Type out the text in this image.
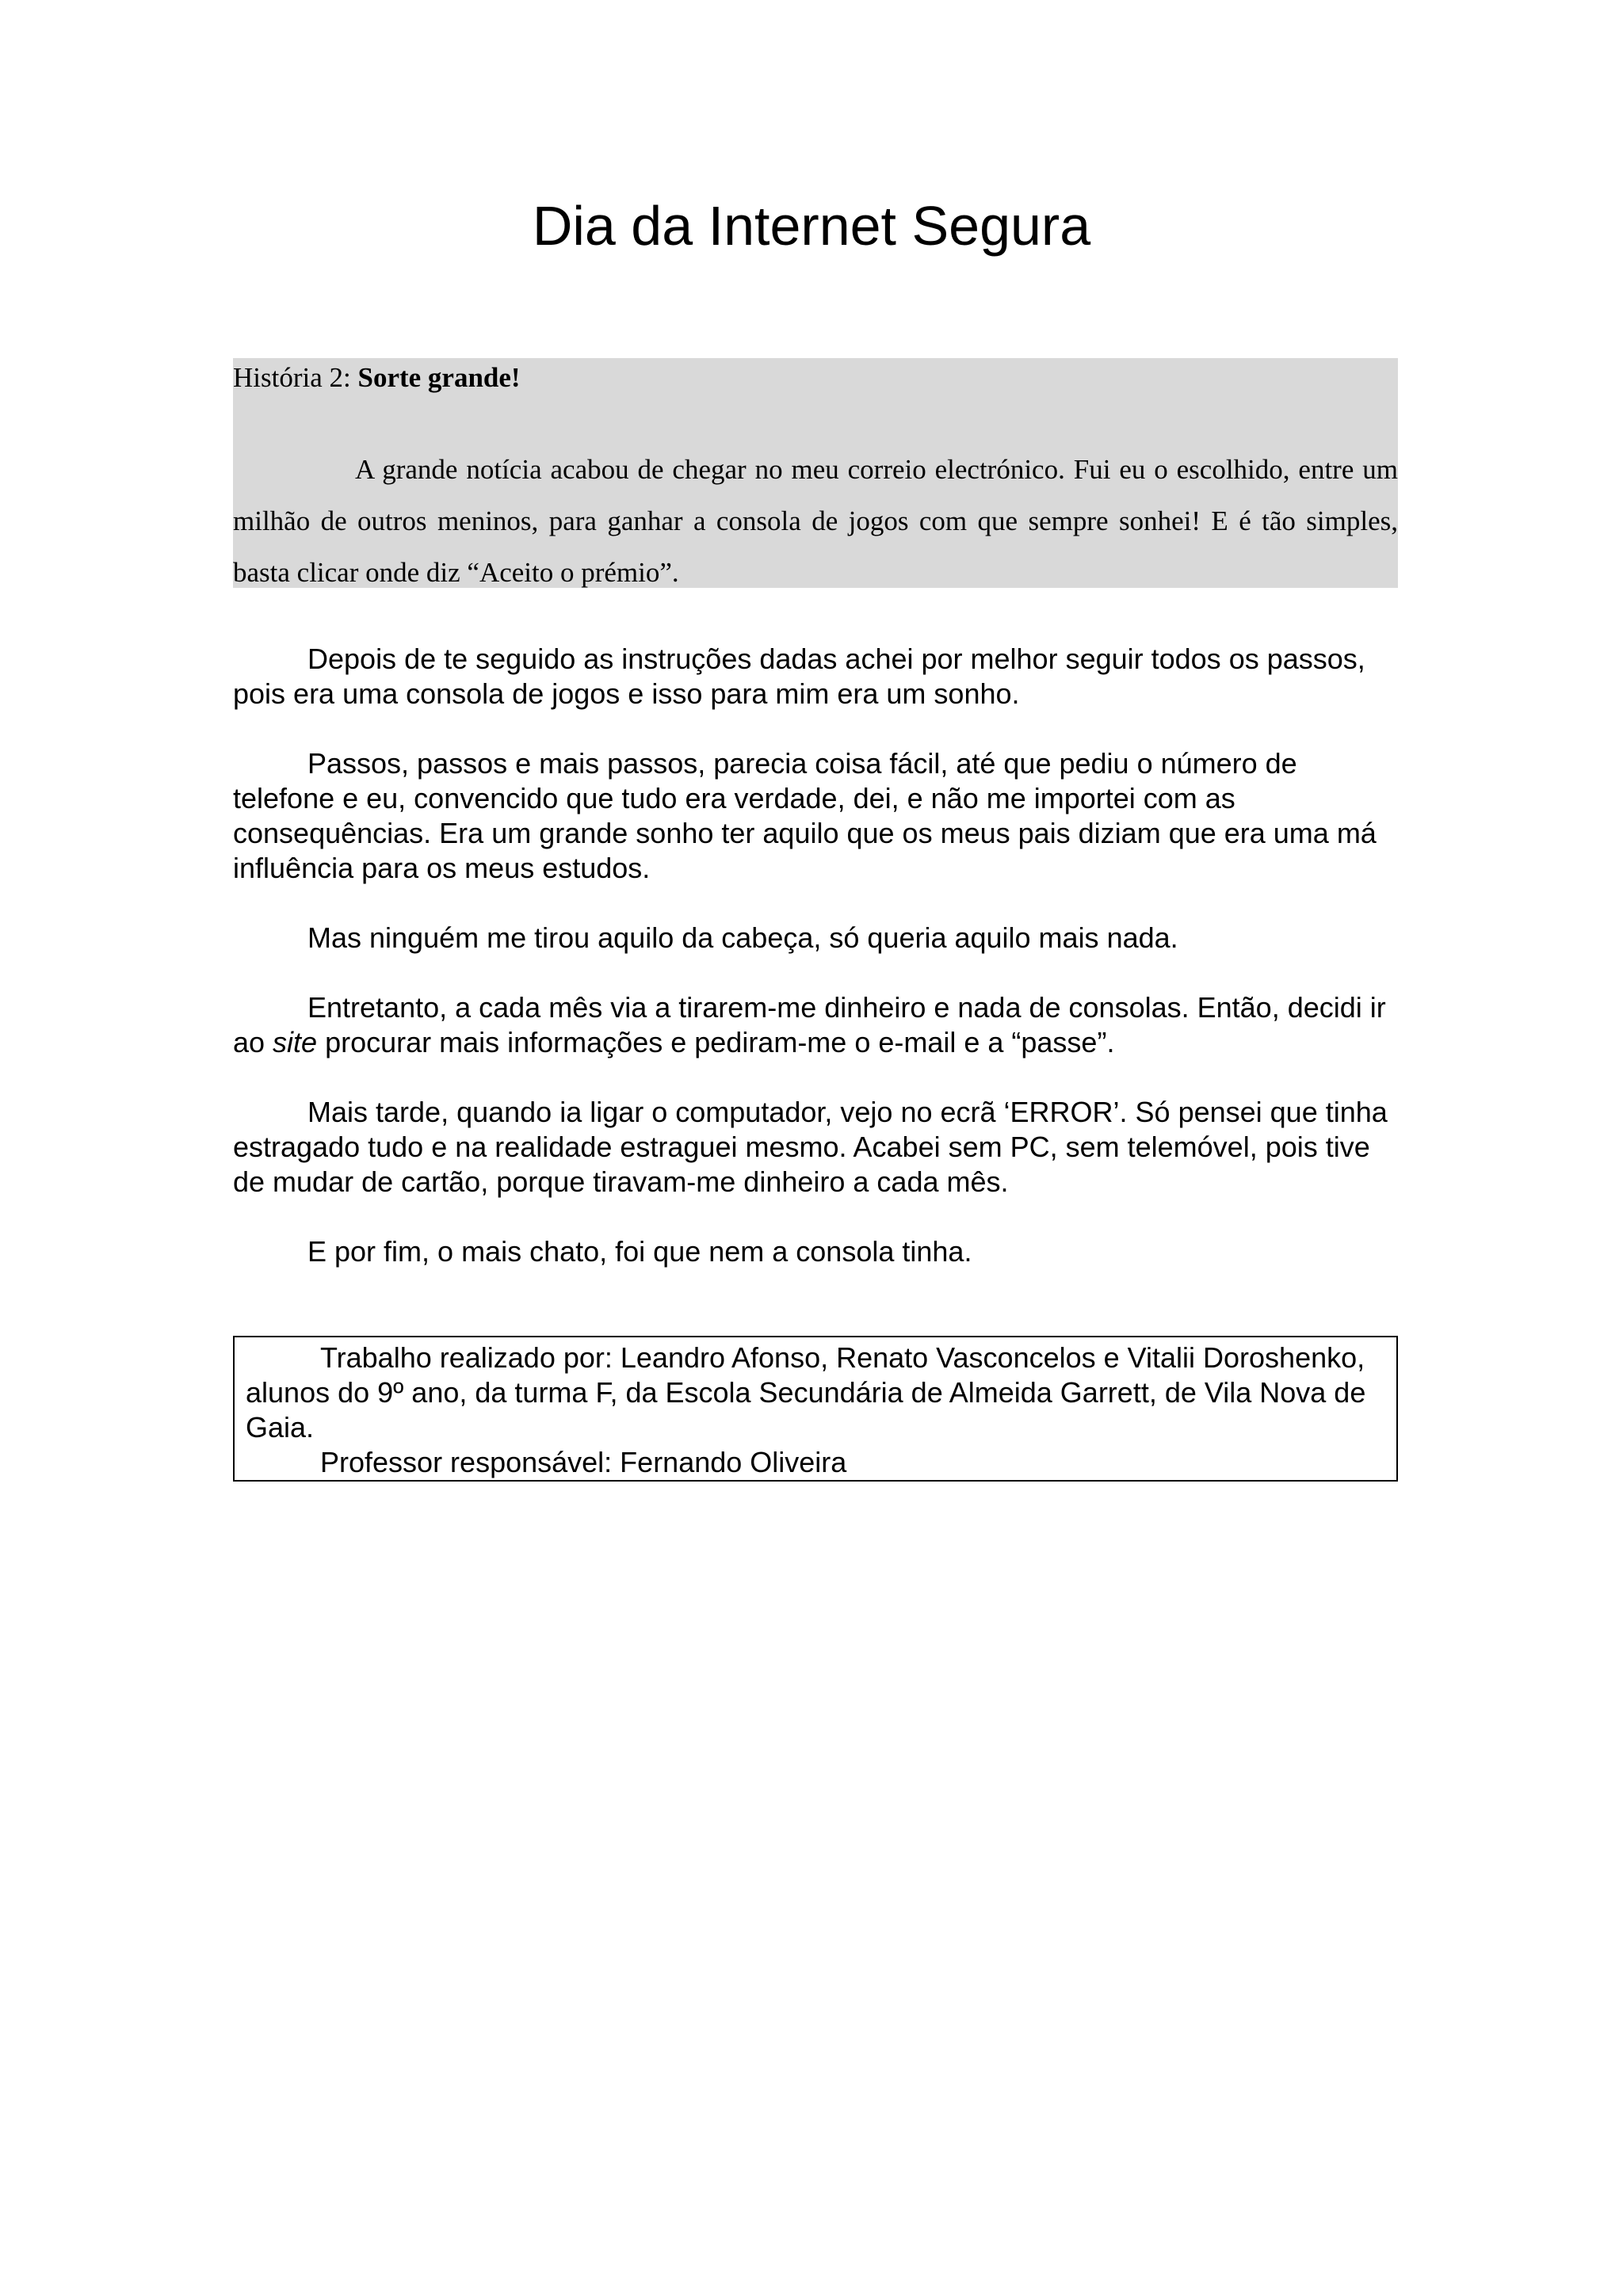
Dia da Internet Segura
História 2: Sorte grande!
A grande notícia acabou de chegar no meu correio electrónico. Fui eu o escolhido, entre um milhão de outros meninos, para ganhar a consola de jogos com que sempre sonhei! E é tão simples, basta clicar onde diz “Aceito o prémio”.

Depois de te seguido as instruções dadas achei por melhor seguir todos os passos, pois era uma consola de jogos e isso para mim era um sonho.

Passos, passos e mais passos, parecia coisa fácil, até que pediu o número de telefone e eu, convencido que tudo era verdade, dei, e não me importei com as consequências. Era um grande sonho ter aquilo que os meus pais diziam que era uma má influência para os meus estudos.

Mas ninguém me tirou aquilo da cabeça, só queria aquilo mais nada.

Entretanto, a cada mês via a tirarem-me dinheiro e nada de consolas. Então, decidi ir ao site procurar mais informações e pediram-me o e-mail e a “passe”.

Mais tarde, quando ia ligar o computador, vejo no ecrã ‘ERROR’. Só pensei que tinha estragado tudo e na realidade estraguei mesmo. Acabei sem PC, sem telemóvel, pois tive de mudar de cartão, porque tiravam-me dinheiro a cada mês.

E por fim, o mais chato, foi que nem a consola tinha.

Trabalho realizado por: Leandro Afonso, Renato Vasconcelos e Vitalii Doroshenko, alunos do 9º ano, da turma F, da Escola Secundária de Almeida Garrett, de Vila Nova de Gaia.

Professor responsável: Fernando Oliveira
